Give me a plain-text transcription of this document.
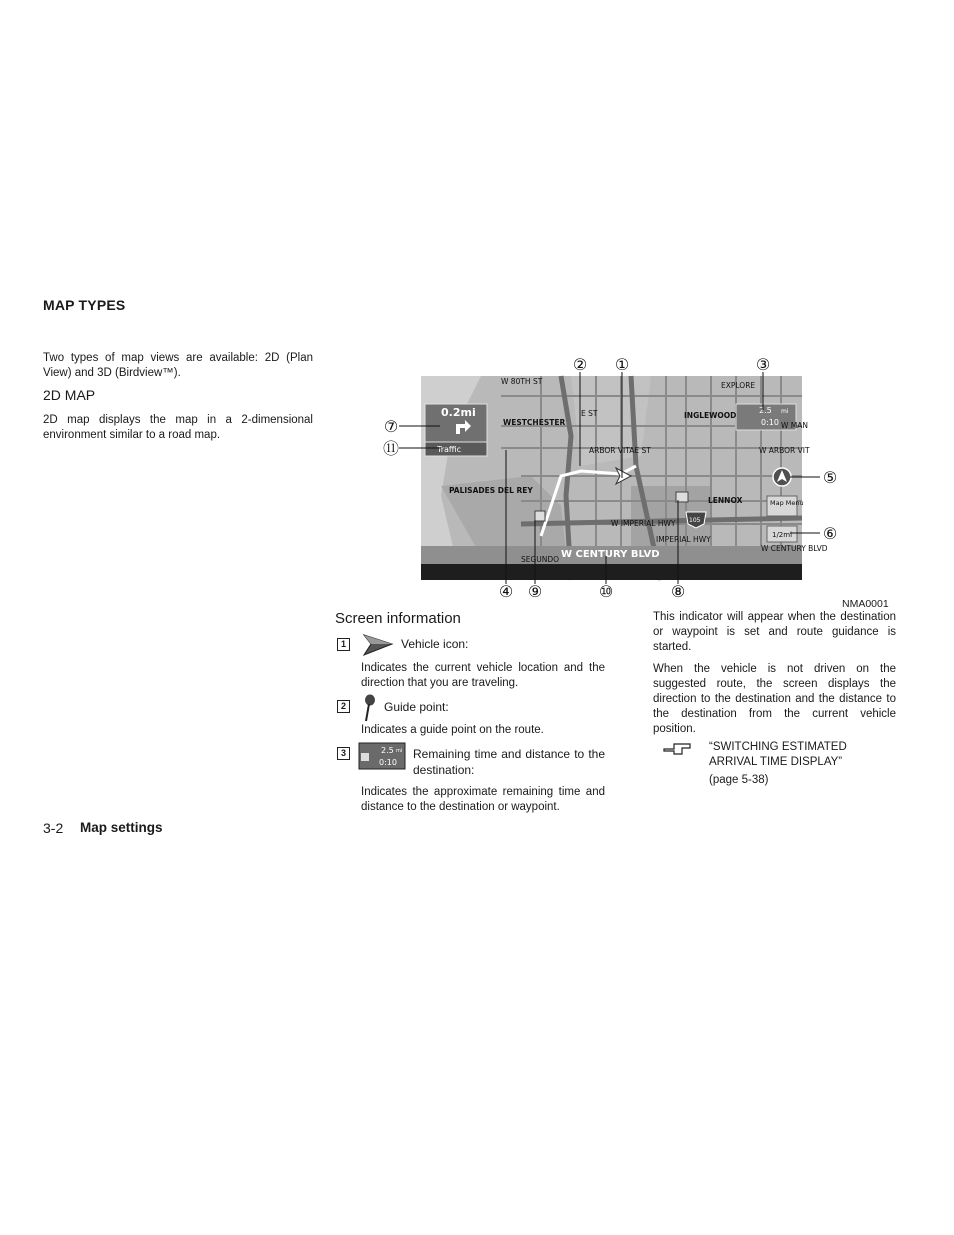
MAP TYPES
Two types of map views are available: 2D (Plan View) and 3D (Birdview™).
2D MAP
2D map displays the map in a 2-dimensional environment similar to a road map.
W 80TH ST
WESTCHESTER
INGLEWOOD
ARBOR VITAE ST	W ARBOR VIT
PALISADES DEL REY
LENNOX
W IMPERIAL HWY
EXPLORE
W MAN
SEGUNDO
IMPERIAL HWY
W CENTURY BLVD
105
E ST
W CENTURY BLVD
0.2mi
Traffic
2.5 mi
0:10
Map Menu
1/2mi
①
②	③
④
⑤
⑥
⑦
⑧
⑨	⑩
⑪
NMA0001
Screen information
1	Vehicle icon:
Indicates the current vehicle location and the direction that you are traveling.
2	Guide point:
Indicates a guide point on the route.
3	2.5 mi
0:10
Remaining time and distance to the destination:
Indicates the approximate remaining time and distance to the destination or waypoint.
This indicator will appear when the destination or waypoint is set and route guidance is started.
When the vehicle is not driven on the suggested route, the screen displays the direction to the destination and the distance to the destination from the current vehicle position.
“SWITCHING ESTIMATED ARRIVAL TIME DISPLAY”
(page 5-38)
3-2 Map settings
